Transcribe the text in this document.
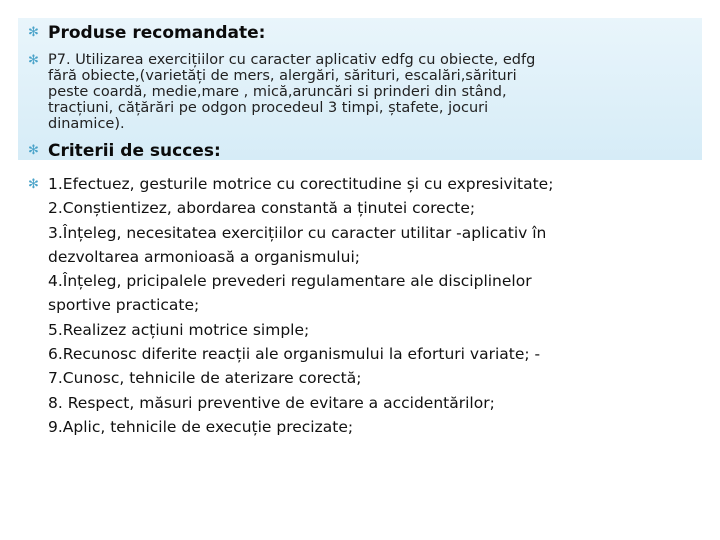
✻ Produse recomandate:
✻ P7. Utilizarea exercițiilor cu caracter aplicativ edfg cu obiecte, edfg
fără obiecte,(varietăți de mers, alergări, sărituri, escalări,sărituri
peste coardă, medie,mare , mică,aruncări si prinderi din stând,
tracțiuni, cățărări pe odgon procedeul 3 timpi, ștafete, jocuri
dinamice).
✻ Criterii de succes:
✻ 1.Efectuez, gesturile motrice cu corectitudine și cu expresivitate;
2.Conștientizez, abordarea constantă a ținutei corecte;
3.Înțeleg, necesitatea exercițiilor cu caracter utilitar -aplicativ în
dezvoltarea armonioasă a organismului;
4.Înțeleg, pricipalele prevederi regulamentare ale disciplinelor
sportive practicate;
5.Realizez acțiuni motrice simple;
6.Recunosc diferite reacții ale organismului la eforturi variate; -
7.Cunosc, tehnicile de aterizare corectă;
8. Respect, măsuri preventive de evitare a accidentărilor;
9.Aplic, tehnicile de execuție precizate;
